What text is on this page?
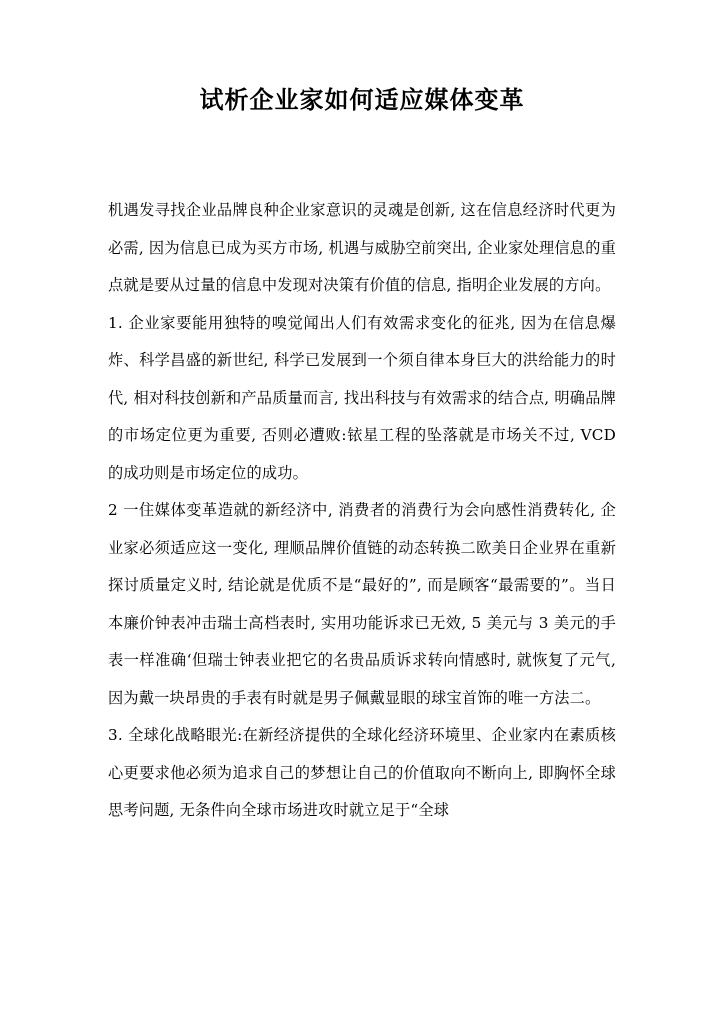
试析企业家如何适应媒体变革

机遇发寻找企业品牌良种企业家意识的灵魂是创新, 这在信息经济时代更为必需, 因为信息已成为买方市场, 机遇与威胁空前突出, 企业家处理信息的重点就是要从过量的信息中发现对决策有价值的信息, 指明企业发展的方向。

1. 企业家要能用独特的嗅觉闻出人们有效需求变化的征兆, 因为在信息爆炸、科学昌盛的新世纪, 科学已发展到一个须自律本身巨大的洪给能力的时代, 相对科技创新和产品质量而言, 找出科技与有效需求的结合点, 明确品牌的市场定位更为重要, 否则必遭败:铱星工程的坠落就是市场关不过, VCD 的成功则是市场定位的成功。

2 一住媒体变革造就的新经济中, 消费者的消费行为会向感性消费转化, 企业家必须适应这一变化, 理顺品牌价值链的动态转换二欧美日企业界在重新探讨质量定义时, 结论就是优质不是“最好的”, 而是顾客“最需要的”。当日本廉价钟表冲击瑞士高档表时, 实用功能诉求已无效, 5 美元与 3 美元的手表一样准确‘但瑞士钟表业把它的名贵品质诉求转向情感时, 就恢复了元气, 因为戴一块昂贵的手表有时就是男子佩戴显眼的球宝首饰的唯一方法二。

3. 全球化战略眼光:在新经济提供的全球化经济环境里、企业家内在素质核心更要求他必须为追求自己的梦想让自己的价值取向不断向上, 即胸怀全球思考问题, 无条件向全球市场进攻时就立足于“全球
